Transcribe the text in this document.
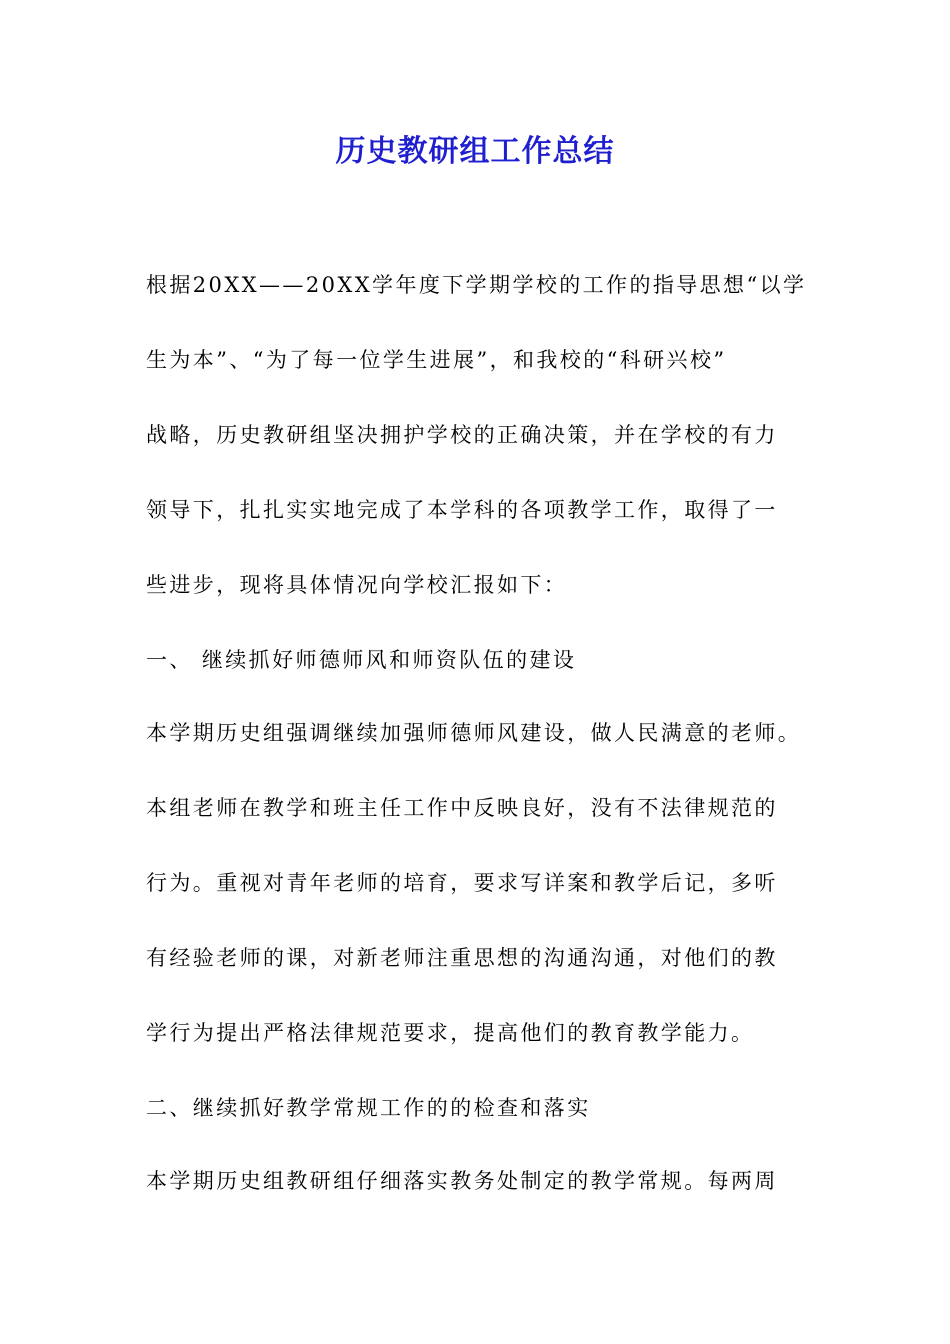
历史教研组工作总结
根据20XX——20XX学年度下学期学校的工作的指导思想“以学
生为本”、“为了每一位学生进展”，和我校的“科研兴校”
战略，历史教研组坚决拥护学校的正确决策，并在学校的有力
领导下，扎扎实实地完成了本学科的各项教学工作，取得了一
些进步，现将具体情况向学校汇报如下：
一、 继续抓好师德师风和师资队伍的建设
本学期历史组强调继续加强师德师风建设，做人民满意的老师。
本组老师在教学和班主任工作中反映良好，没有不法律规范的
行为。重视对青年老师的培育，要求写详案和教学后记，多听
有经验老师的课，对新老师注重思想的沟通沟通，对他们的教
学行为提出严格法律规范要求，提高他们的教育教学能力。
二、继续抓好教学常规工作的的检查和落实
本学期历史组教研组仔细落实教务处制定的教学常规。每两周
